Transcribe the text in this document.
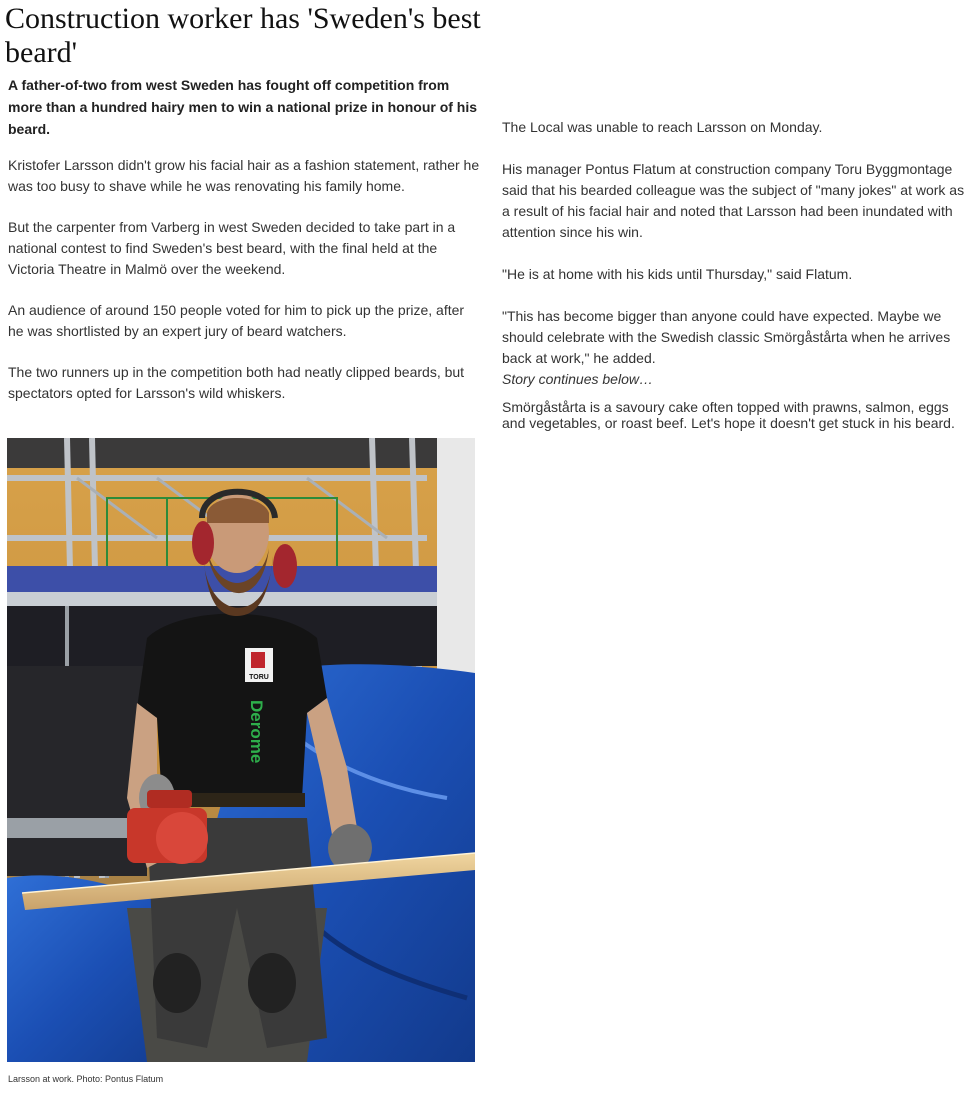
Construction worker has 'Sweden's best beard'

A father-of-two from west Sweden has fought off competition from more than a hundred hairy men to win a national prize in honour of his beard.

Kristofer Larsson didn't grow his facial hair as a fashion statement, rather he was too busy to shave while he was renovating his family home.

But the carpenter from Varberg in west Sweden decided to take part in a national contest to find Sweden's best beard, with the final held at the Victoria Theatre in Malmö over the weekend.

An audience of around 150 people voted for him to pick up the prize, after he was shortlisted by an expert jury of beard watchers.

The two runners up in the competition both had neatly clipped beards, but spectators opted for Larsson's wild whiskers.

TORU
Derome

Larsson at work. Photo: Pontus Flatum

The Local was unable to reach Larsson on Monday.

His manager Pontus Flatum at construction company Toru Byggmontage said that his bearded colleague was the subject of "many jokes" at work as a result of his facial hair and noted that Larsson had been inundated with attention since his win.

"He is at home with his kids until Thursday," said Flatum.

"This has become bigger than anyone could have expected. Maybe we should celebrate with the Swedish classic Smörgåstårta when he arrives back at work," he added.

Story continues below…

Smörgåstårta is a savoury cake often topped with prawns, salmon, eggs and vegetables, or roast beef. Let's hope it doesn't get stuck in his beard.
